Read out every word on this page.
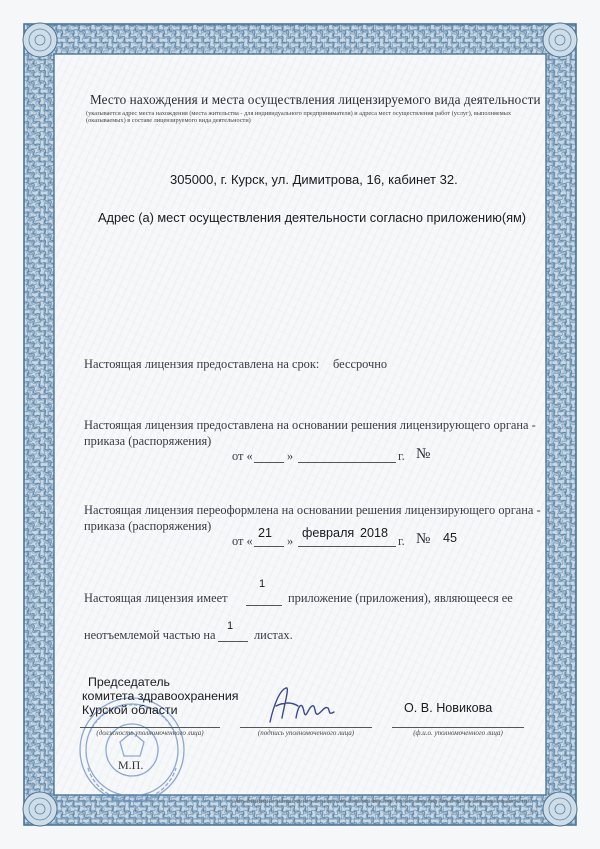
Место нахождения и места осуществления лицензируемого вида деятельности
(указывается адрес места нахождения (места жительства - для индивидуального предпринимателя) и адреса мест осуществления работ (услуг), выполняемых
(оказываемых) в составе лицензируемого вида деятельности)
305000, г. Курск, ул. Димитрова, 16, кабинет 32.
Адрес (а) мест осуществления деятельности согласно приложению(ям)
Настоящая лицензия предоставлена на срок: бессрочно
Настоящая лицензия предоставлена на основании решения лицензирующего органа -
приказа (распоряжения)
от «	»	г. №
Настоящая лицензия переоформлена на основании решения лицензирующего органа -
приказа (распоряжения)
от «
21
»
февраля 2018
г. № 45
Настоящая лицензия имеет
1
приложение (приложения), являющееся ее
неотъемлемой частью на
1
листах.
Председатель
комитета здравоохранения
Курской области
(должность уполномоченного лица)	(подпись уполномоченного лица)
О. В. Новикова
(ф.и.о. уполномоченного лица)
М.П.
ЗАО «ОПЦИОН», Москва, 2016, «А», лиц. № 05-05-09/003 ФНС РФ, ТЗ № 2; тел. (495) 726-47-42, www.opcion.ru. Заказ № 1/15
